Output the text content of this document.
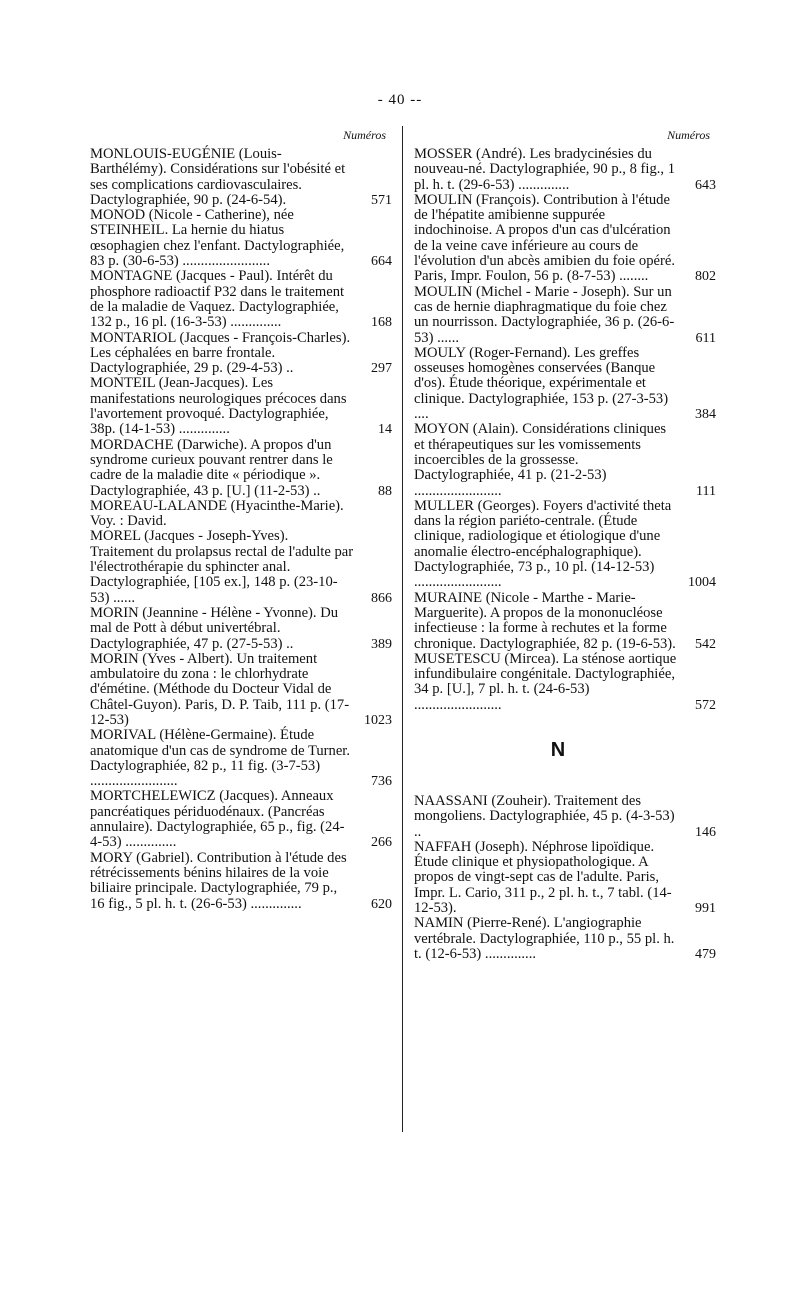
- 40 --
Numéros
MONLOUIS-EUGÉNIE (Louis-Barthélémy). Considérations sur l'obésité et ses complications cardiovasculaires. Dactylographiée, 90 p. (24-6-54).	571
MONOD (Nicole - Catherine), née STEINHEIL. La hernie du hiatus œsophagien chez l'enfant. Dactylographiée, 83 p. (30-6-53) ........................	664
MONTAGNE (Jacques - Paul). Intérêt du phosphore radioactif P32 dans le traitement de la maladie de Vaquez. Dactylographiée, 132 p., 16 pl. (16-3-53) ..............	168
MONTARIOL (Jacques - François-Charles). Les céphalées en barre frontale. Dactylographiée, 29 p. (29-4-53) ..	297
MONTEIL (Jean-Jacques). Les manifestations neurologiques précoces dans l'avortement provoqué. Dactylographiée, 38p. (14-1-53) ..............	14
MORDACHE (Darwiche). A propos d'un syndrome curieux pouvant rentrer dans le cadre de la maladie dite « périodique ». Dactylographiée, 43 p. [U.] (11-2-53) ..	88
MOREAU-LALANDE (Hyacinthe-Marie). Voy. : David.
MOREL (Jacques - Joseph-Yves). Traitement du prolapsus rectal de l'adulte par l'électrothérapie du sphincter anal. Dactylographiée, [105 ex.], 148 p. (23-10-53) ......	866
MORIN (Jeannine - Hélène - Yvonne). Du mal de Pott à début univertébral. Dactylographiée, 47 p. (27-5-53) ..	389
MORIN (Yves - Albert). Un traitement ambulatoire du zona : le chlorhydrate d'émétine. (Méthode du Docteur Vidal de Châtel-Guyon). Paris, D. P. Taib, 111 p. (17-12-53)	1023
MORIVAL (Hélène-Germaine). Étude anatomique d'un cas de syndrome de Turner. Dactylographiée, 82 p., 11 fig. (3-7-53) ........................	736
MORTCHELEWICZ (Jacques). Anneaux pancréatiques périduodénaux. (Pancréas annulaire). Dactylographiée, 65 p., fig. (24-4-53) ..............	266
MORY (Gabriel). Contribution à l'étude des rétrécissements bénins hilaires de la voie biliaire principale. Dactylographiée, 79 p., 16 fig., 5 pl. h. t. (26-6-53) ..............	620
Numéros
MOSSER (André). Les bradycinésies du nouveau-né. Dactylographiée, 90 p., 8 fig., 1 pl. h. t. (29-6-53) ..............	643
MOULIN (François). Contribution à l'étude de l'hépatite amibienne suppurée indochinoise. A propos d'un cas d'ulcération de la veine cave inférieure au cours de l'évolution d'un abcès amibien du foie opéré. Paris, Impr. Foulon, 56 p. (8-7-53) ........	802
MOULIN (Michel - Marie - Joseph). Sur un cas de hernie diaphragmatique du foie chez un nourrisson. Dactylographiée, 36 p. (26-6-53) ......	611
MOULY (Roger-Fernand). Les greffes osseuses homogènes conservées (Banque d'os). Étude théorique, expérimentale et clinique. Dactylographiée, 153 p. (27-3-53) ....	384
MOYON (Alain). Considérations cliniques et thérapeutiques sur les vomissements incoercibles de la grossesse. Dactylographiée, 41 p. (21-2-53) ........................	111
MULLER (Georges). Foyers d'activité theta dans la région pariéto-centrale. (Étude clinique, radiologique et étiologique d'une anomalie électro-encéphalographique). Dactylographiée, 73 p., 10 pl. (14-12-53) ........................	1004
MURAINE (Nicole - Marthe - Marie-Marguerite). A propos de la mononucléose infectieuse : la forme à rechutes et la forme chronique. Dactylographiée, 82 p. (19-6-53). 542
MUSETESCU (Mircea). La sténose aortique infundibulaire congénitale. Dactylographiée, 34 p. [U.], 7 pl. h. t. (24-6-53) ........................	572
N
NAASSANI (Zouheir). Traitement des mongoliens. Dactylographiée, 45 p. (4-3-53) ..	146
NAFFAH (Joseph). Néphrose lipoïdique. Étude clinique et physiopathologique. A propos de vingt-sept cas de l'adulte. Paris, Impr. L. Cario, 311 p., 2 pl. h. t., 7 tabl. (14-12-53).	991
NAMIN (Pierre-René). L'angiographie vertébrale. Dactylographiée, 110 p., 55 pl. h. t. (12-6-53) ..............	479
